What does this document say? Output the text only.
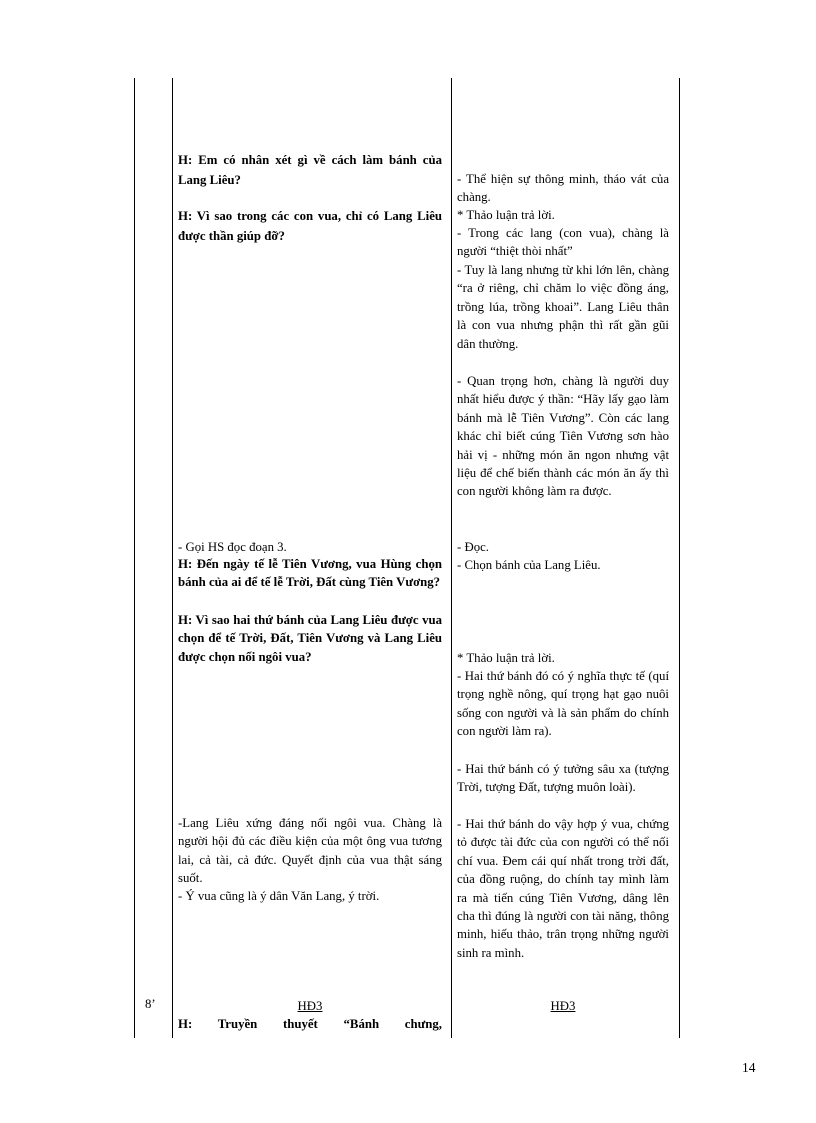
8’
H: Em có nhân xét gì về cách làm bánh của Lang Liêu?
H: Vì sao trong các con vua, chỉ có Lang Liêu được thần giúp đỡ?
- Gọi HS đọc đoạn 3.
H: Đến ngày tế lễ Tiên Vương, vua Hùng chọn bánh của ai để tế lễ Trời, Đất cùng Tiên Vương?
H: Vì sao hai thứ bánh của Lang Liêu được vua chọn để tế Trời, Đất, Tiên Vương và Lang Liêu được chọn nối ngôi vua?
-Lang Liêu xứng đáng nối ngôi vua. Chàng là người hội đủ các điều kiện của một ông vua tương lai, cả tài, cả đức. Quyết định của vua thật sáng suốt.
- Ý vua cũng là ý dân Văn Lang, ý trời.
HĐ3
H: Truyền thuyết “Bánh chưng,
- Thể hiện sự thông minh, tháo vát của chàng.
* Thảo luận trả lời.
- Trong các lang (con vua), chàng là người “thiệt thòi nhất”
- Tuy là lang nhưng từ khi lớn lên, chàng “ra ở riêng, chỉ chăm lo việc đồng áng, trồng lúa, trồng khoai”. Lang Liêu thân là con vua nhưng phận thì rất gần gũi dân thường.
- Quan trọng hơn, chàng là người duy nhất hiểu được ý thần: “Hãy lấy gạo làm bánh mà lễ Tiên Vương”. Còn các lang khác chỉ biết cúng Tiên Vương sơn hào hải vị - những món ăn ngon nhưng vật liệu để chế biến thành các món ăn ấy thì con người không làm ra được.
- Đọc.
- Chọn bánh của Lang Liêu.
* Thảo luận trả lời.
- Hai thứ bánh đó có ý nghĩa thực tế (quí trọng nghề nông, quí trọng hạt gạo nuôi sống con người và là sản phẩm do chính con người làm ra).
- Hai thứ bánh có ý tưởng sâu xa (tượng Trời, tượng Đất, tượng muôn loài).
- Hai thứ bánh do vậy hợp ý vua, chứng tỏ được tài đức của con người có thể nối chí vua. Đem cái quí nhất trong trời đất, của đồng ruộng, do chính tay mình làm ra mà tiến cúng Tiên Vương, dâng lên cha thì đúng là người con tài năng, thông minh, hiếu thảo, trân trọng những người sinh ra mình.
HĐ3
14
